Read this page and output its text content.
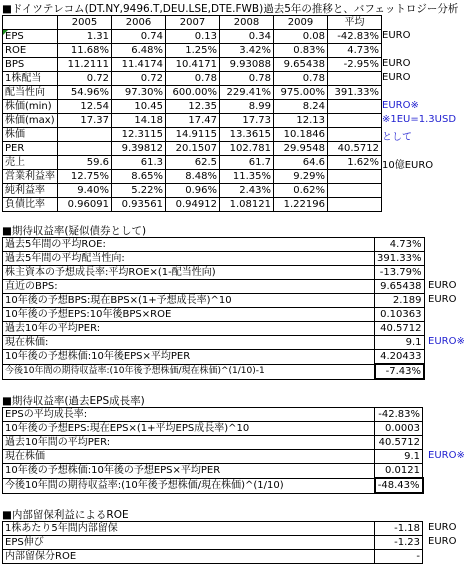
■ドイツテレコム(DT.NY,9496.T,DEU.LSE,DTE.FWB)過去5年の推移と、バフェットロジー分析
	2005	2006	2007	2008	2009	平均
EPS	1.31	0.74	0.13	0.34	0.08	-42.83%
ROE	11.68%	6.48%	1.25%	3.42%	0.83%	4.73%
BPS	11.2111	11.4174	10.4171	9.93088	9.65438	-2.95%
1株配当	0.72	0.72	0.78	0.78	0.78	
配当性向	54.96%	97.30%	600.00%	229.41%	975.00%	391.33%
株価(min)	12.54	10.45	12.35	8.99	8.24	
株価(max)	17.37	14.18	17.47	17.73	12.13	
株価		12.3115	14.9115	13.3615	10.1846	
PER		9.39812	20.1507	102.781	29.9548	40.5712
売上	59.6	61.3	62.5	61.7	64.6	1.62%
営業利益率	12.75%	8.65%	8.48%	11.35%	9.29%	
純利益率	9.40%	5.22%	0.96%	2.43%	0.62%	
負債比率	0.96091	0.93561	0.94912	1.08121	1.22196	
EURO
EURO
EURO
EURO※
※1EU=1.3USD
として
10億EURO
■期待収益率(疑似債券として)
過去5年間の平均ROE:	4.73%
過去5年間の平均配当性向:	391.33%
株主資本の予想成長率:平均ROE×(1-配当性向)	-13.79%
直近のBPS:	9.65438
10年後の予想BPS:現在BPS×(1+予想成長率)^10	2.189
10年後の予想EPS:10年後BPS×ROE	0.10363
過去10年の平均PER:	40.5712
現在株価:	9.1
10年後の予想株価:10年後EPS×平均PER	4.20433
今後10年間の期待収益率:(10年後予想株価/現在株価)^(1/10)-1	-7.43%
■期待収益率(過去EPS成長率)
EPSの平均成長率:	-42.83%
10年後の予想EPS:現在EPS×(1+平均EPS成長率)^10	0.0003
過去10年間の平均PER:	40.5712
現在株価	9.1
10年後の予想株価:10年後の予想EPS×平均PER	0.0121
今後10年間の期待収益率:(10年後予想株価/現在株価)^(1/10)	-48.43%
■内部留保利益によるROE
1株あたり5年間内部留保	-1.18
EPS伸び	-1.23
内部留保分ROE	-
EURO
EURO
EURO※
EURO※
EURO
EURO
